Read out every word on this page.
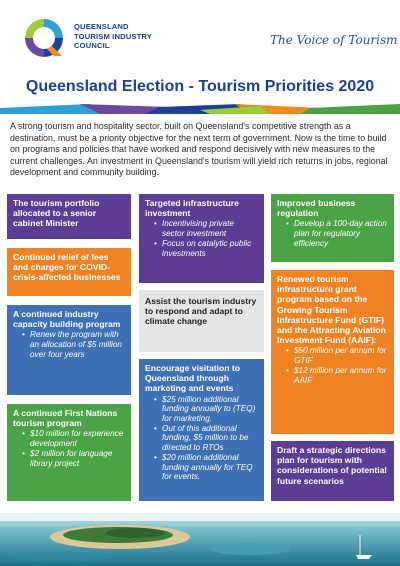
QUEENSLAND
TOURISM INDUSTRY
COUNCIL	The Voice of Tourism
Queensland Election - Tourism Priorities 2020
A strong tourism and hospitality sector, built on Queensland's competitive strength as a destination, must be a priority objective for the next term of government. Now is the time to build on programs and policies that have worked and respond decisively with new measures to the current challenges. An investment in Queensland's tourism will yield rich returns in jobs, regional development and community building.
The tourism portfolio allocated to a senior cabinet Minister
Continued relief of fees and charges for COVID-crisis-affected businesses
A continued industry capacity building program
• Renew the program with an allocation of $5 million over four years
A continued First Nations tourism program
• $10 million for experience development
• $2 million for language library project
Targeted infrastructure investment
• Incentivising private sector investment
• Focus on catalytic public investments
Assist the tourism industry to respond and adapt to climate change
Encourage visitation to Queensland through marketing and events
• $25 million additional funding annually to (TEQ) for marketing.
• Out of this additional funding, $5 million to be directed to RTOs
• $20 million additional funding annually for TEQ for events.
Improved business regulation
• Develop a 100-day action plan for regulatory efficiency
Renewed tourism infrastructure grant program based on the Growing Tourism Infrastructure Fund (GTIF) and the Attracting Aviation Investment Fund (AAIF):
• $50 million per annum for GTIF
• $12 million per annum for AAIF
Draft a strategic directions plan for tourism with considerations of potential future scenarios
